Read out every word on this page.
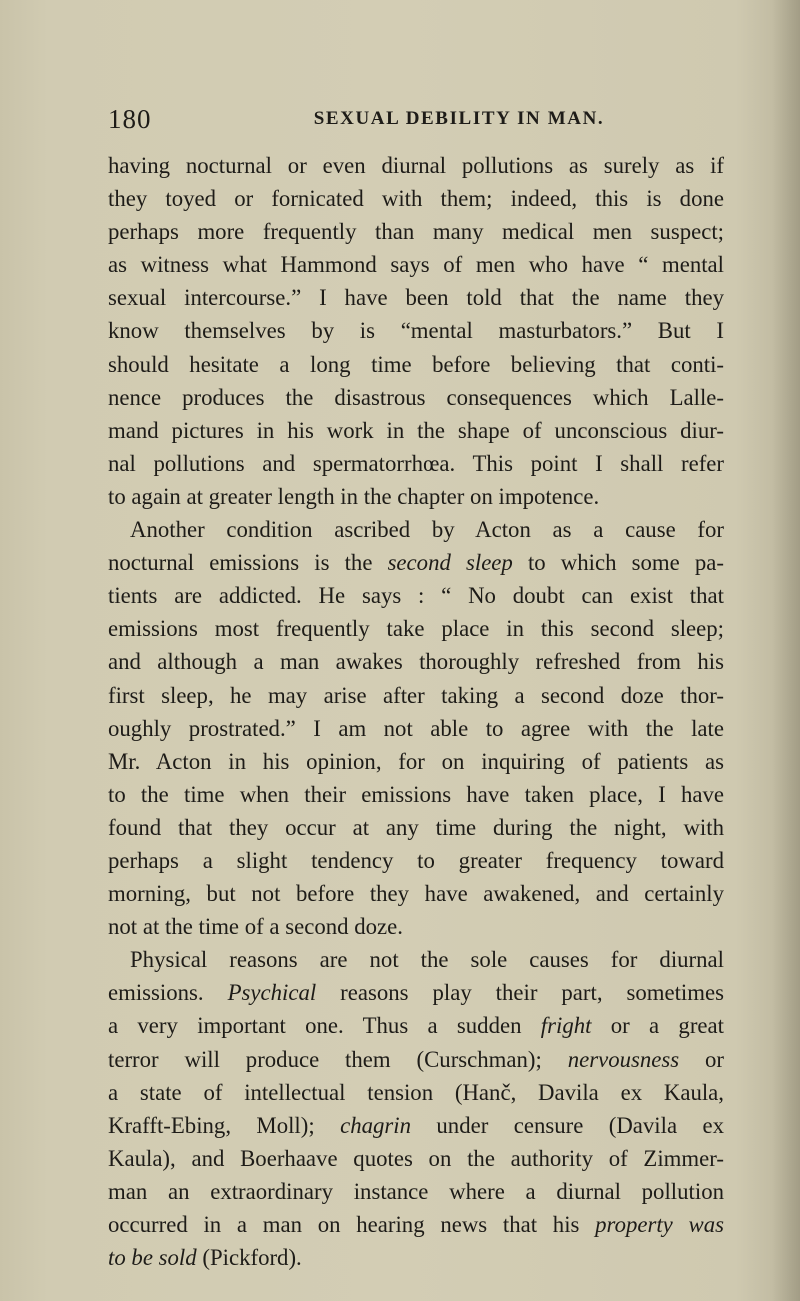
180	SEXUAL DEBILITY IN MAN.
having nocturnal or even diurnal pollutions as surely as if
they toyed or fornicated with them; indeed, this is done
perhaps more frequently than many medical men suspect;
as witness what Hammond says of men who have “ mental
sexual intercourse.” I have been told that the name they
know themselves by is “mental masturbators.” But I
should hesitate a long time before believing that conti-
nence produces the disastrous consequences which Lalle-
mand pictures in his work in the shape of unconscious diur-
nal pollutions and spermatorrhœa. This point I shall refer
to again at greater length in the chapter on impotence.
Another condition ascribed by Acton as a cause for
nocturnal emissions is the second sleep to which some pa-
tients are addicted. He says : “ No doubt can exist that
emissions most frequently take place in this second sleep;
and although a man awakes thoroughly refreshed from his
first sleep, he may arise after taking a second doze thor-
oughly prostrated.” I am not able to agree with the late
Mr. Acton in his opinion, for on inquiring of patients as
to the time when their emissions have taken place, I have
found that they occur at any time during the night, with
perhaps a slight tendency to greater frequency toward
morning, but not before they have awakened, and certainly
not at the time of a second doze.
Physical reasons are not the sole causes for diurnal
emissions. Psychical reasons play their part, sometimes
a very important one. Thus a sudden fright or a great
terror will produce them (Curschman); nervousness or
a state of intellectual tension (Hanč, Davila ex Kaula,
Krafft-Ebing, Moll); chagrin under censure (Davila ex
Kaula), and Boerhaave quotes on the authority of Zimmer-
man an extraordinary instance where a diurnal pollution
occurred in a man on hearing news that his property was
to be sold (Pickford).
